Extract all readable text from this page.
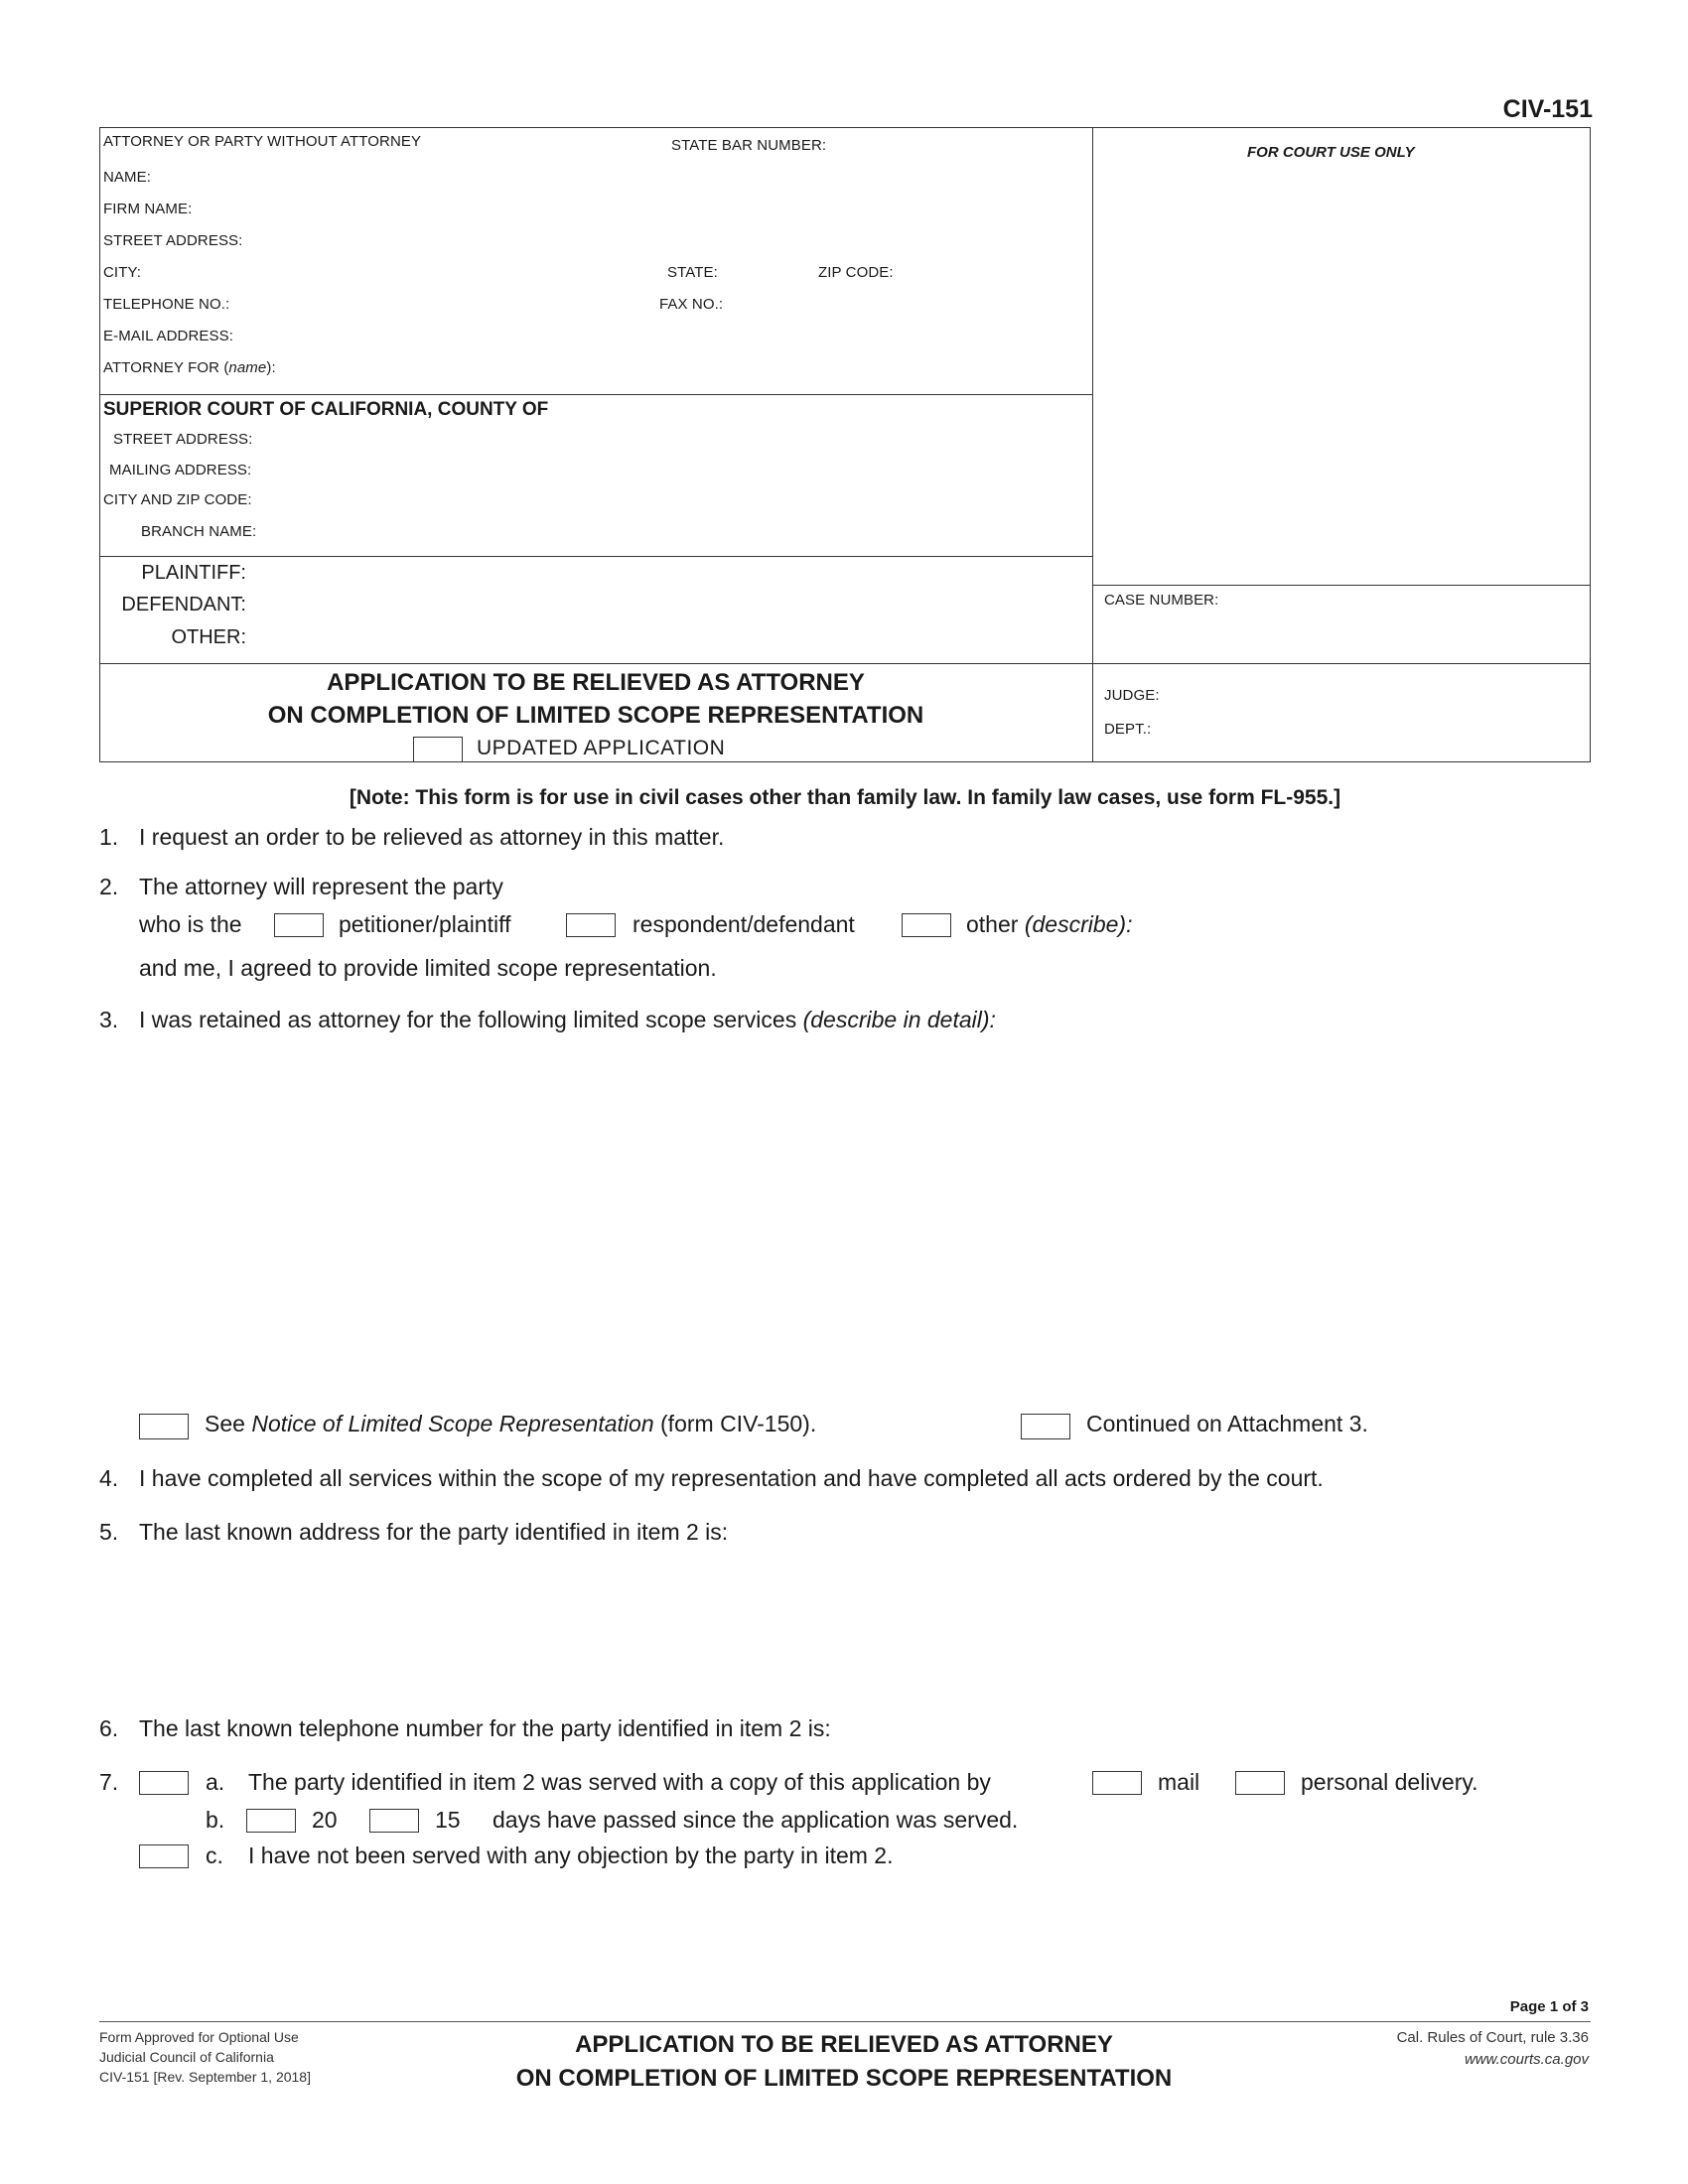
CIV-151
ATTORNEY OR PARTY WITHOUT ATTORNEY	STATE BAR NUMBER:
NAME:
FIRM NAME:
STREET ADDRESS:
CITY:	STATE:	ZIP CODE:
TELEPHONE NO.:	FAX NO.:
E-MAIL ADDRESS:
ATTORNEY FOR (name):
FOR COURT USE ONLY
SUPERIOR COURT OF CALIFORNIA, COUNTY OF
STREET ADDRESS:
MAILING ADDRESS:
CITY AND ZIP CODE:
BRANCH NAME:
PLAINTIFF:
DEFENDANT:
OTHER:
CASE NUMBER:
APPLICATION TO BE RELIEVED AS ATTORNEY
ON COMPLETION OF LIMITED SCOPE REPRESENTATION
UPDATED APPLICATION
JUDGE:
DEPT.:
[Note: This form is for use in civil cases other than family law. In family law cases, use form FL-955.]
1. I request an order to be relieved as attorney in this matter.
2. The attorney will represent the party
who is the	petitioner/plaintiff	respondent/defendant	other (describe):
and me, I agreed to provide limited scope representation.
3. I was retained as attorney for the following limited scope services (describe in detail):
See Notice of Limited Scope Representation (form CIV-150).	Continued on Attachment 3.
4. I have completed all services within the scope of my representation and have completed all acts ordered by the court.
5. The last known address for the party identified in item 2 is:
6. The last known telephone number for the party identified in item 2 is:
7.	a. The party identified in item 2 was served with a copy of this application by	mail	personal delivery.
b.	20	15 days have passed since the application was served.
c. I have not been served with any objection by the party in item 2.
Page 1 of 3
Form Approved for Optional Use
Judicial Council of California
CIV-151 [Rev. September 1, 2018]
APPLICATION TO BE RELIEVED AS ATTORNEY
ON COMPLETION OF LIMITED SCOPE REPRESENTATION
Cal. Rules of Court, rule 3.36
www.courts.ca.gov
